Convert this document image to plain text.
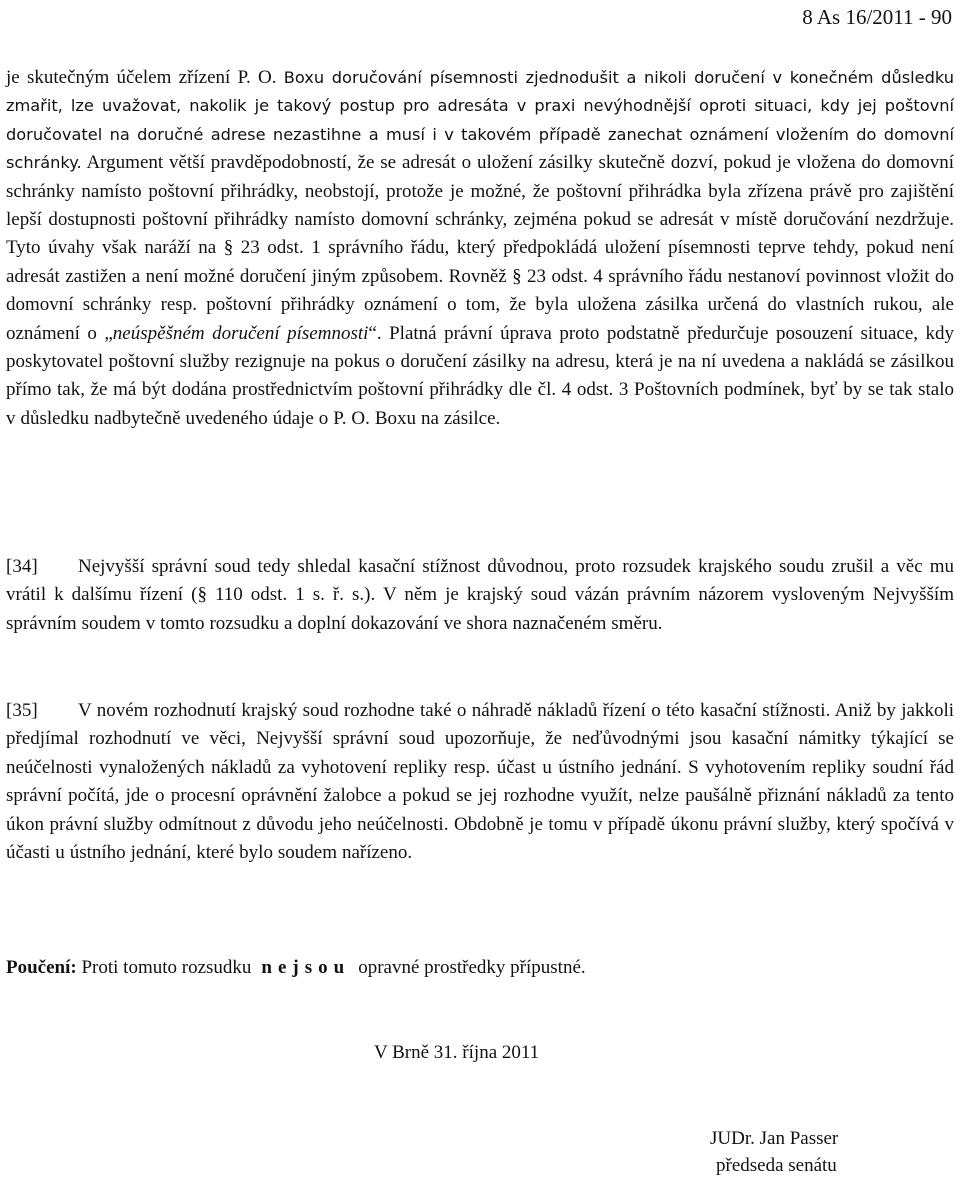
8 As 16/2011 - 90
je skutečným účelem zřízení P. O. Boxu doručování písemnosti zjednodušit a nikoli doručení v konečném důsledku zmařit, lze uvažovat, nakolik je takový postup pro adresáta v praxi nevýhodnější oproti situaci, kdy jej poštovní doručovatel na doručné adrese nezastihne a musí i v takovém případě zanechat oznámení vložením do domovní schránky. Argument větší pravděpodobností, že se adresát o uložení zásilky skutečně dozví, pokud je vložena do domovní schránky namísto poštovní přihrádky, neobstojí, protože je možné, že poštovní přihrádka byla zřízena právě pro zajištění lepší dostupnosti poštovní přihrádky namísto domovní schránky, zejména pokud se adresát v místě doručování nezdržuje. Tyto úvahy však naráží na § 23 odst. 1 správního řádu, který předpokládá uložení písemnosti teprve tehdy, pokud není adresát zastižen a není možné doručení jiným způsobem. Rovněž § 23 odst. 4 správního řádu nestanoví povinnost vložit do domovní schránky resp. poštovní přihrádky oznámení o tom, že byla uložena zásilka určená do vlastních rukou, ale oznámení o „neúspěšném doručení písemnosti“. Platná právní úprava proto podstatně předurčuje posouzení situace, kdy poskytovatel poštovní služby rezignuje na pokus o doručení zásilky na adresu, která je na ní uvedena a nakládá se zásilkou přímo tak, že má být dodána prostřednictvím poštovní přihrádky dle čl. 4 odst. 3 Poštovních podmínek, byť by se tak stalo v důsledku nadbytečně uvedeného údaje o P. O. Boxu na zásilce.
[34] Nejvyšší správní soud tedy shledal kasační stížnost důvodnou, proto rozsudek krajského soudu zrušil a věc mu vrátil k dalšímu řízení (§ 110 odst. 1 s. ř. s.). V něm je krajský soud vázán právním názorem vysloveným Nejvyšším správním soudem v tomto rozsudku a doplní dokazování ve shora naznačeném směru.
[35] V novém rozhodnutí krajský soud rozhodne také o náhradě nákladů řízení o této kasační stížnosti. Aniž by jakkoli předjímal rozhodnutí ve věci, Nejvyšší správní soud upozorňuje, že neďůvodnými jsou kasační námitky týkající se neúčelnosti vynaložených nákladů za vyhotovení repliky resp. účast u ústního jednání. S vyhotovením repliky soudní řád správní počítá, jde o procesní oprávnění žalobce a pokud se jej rozhodne využít, nelze paušálně přiznání nákladů za tento úkon právní služby odmítnout z důvodu jeho neúčelnosti. Obdobně je tomu v případě úkonu právní služby, který spočívá v účasti u ústního jednání, které bylo soudem nařízeno.
Poučení: Proti tomuto rozsudku nejsou opravné prostředky přípustné.
V Brně 31. října 2011
JUDr. Jan Passer
předseda senátu
